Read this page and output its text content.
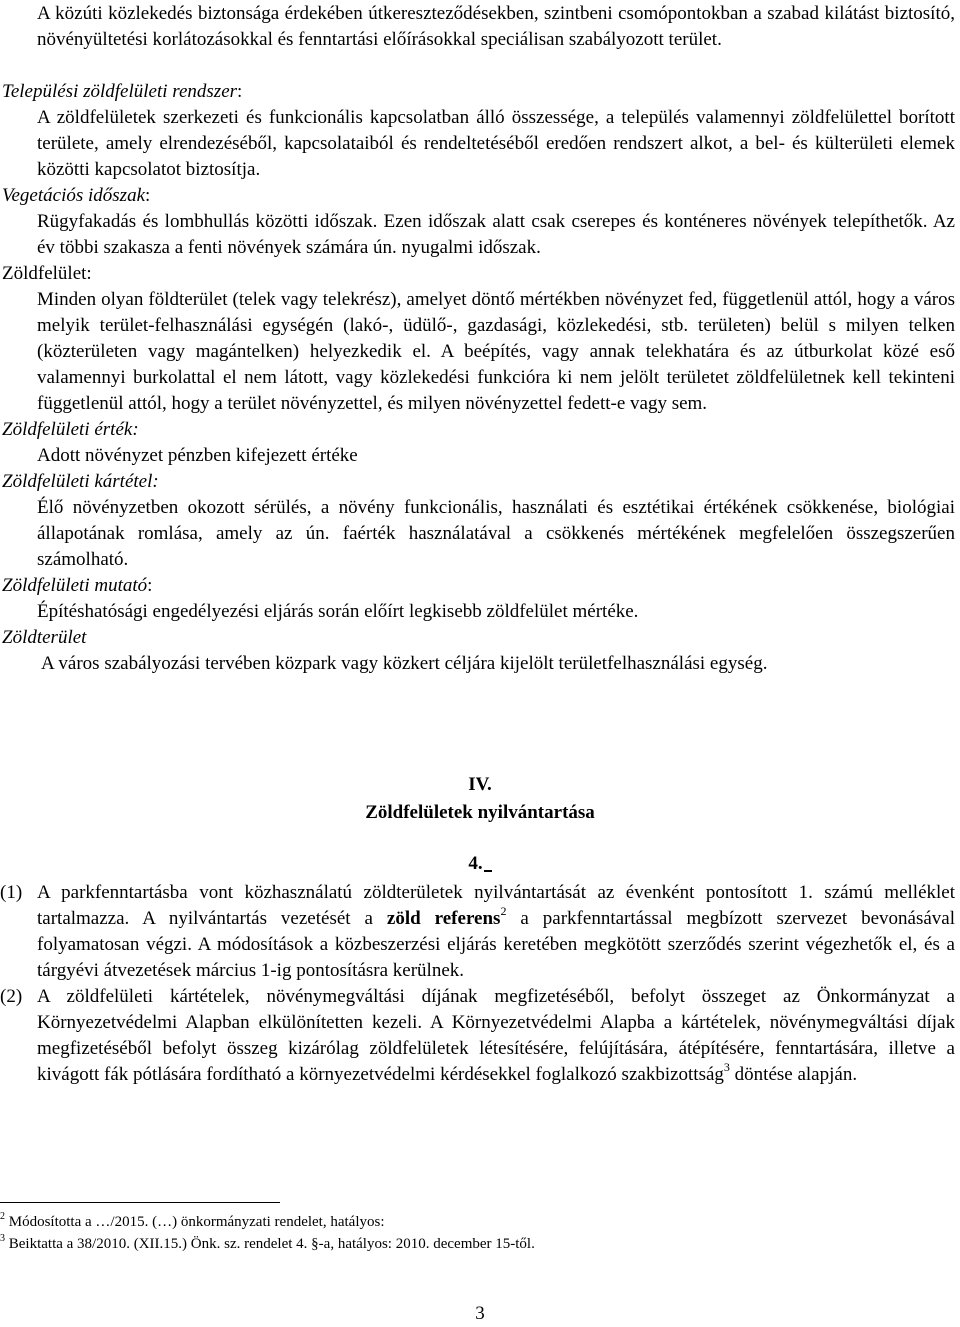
A közúti közlekedés biztonsága érdekében útkereszteződésekben, szintbeni csomópontokban a szabad kilátást biztosító, növényültetési korlátozásokkal és fenntartási előírásokkal speciálisan szabályozott terület.

Települési zöldfelületi rendszer:

A zöldfelületek szerkezeti és funkcionális kapcsolatban álló összessége, a település valamennyi zöldfelülettel borított területe, amely elrendezéséből, kapcsolataiból és rendeltetéséből eredően rendszert alkot, a bel- és külterületi elemek közötti kapcsolatot biztosítja.

Vegetációs időszak:

Rügyfakadás és lombhullás közötti időszak. Ezen időszak alatt csak cserepes és konténeres növények telepíthetők. Az év többi szakasza a fenti növények számára ún. nyugalmi időszak.

Zöldfelület:

Minden olyan földterület (telek vagy telekrész), amelyet döntő mértékben növényzet fed, függetlenül attól, hogy a város melyik terület-felhasználási egységén (lakó-, üdülő-, gazdasági, közlekedési, stb. területen) belül s milyen telken (közterületen vagy magántelken) helyezkedik el. A beépítés, vagy annak telekhatára és az útburkolat közé eső valamennyi burkolattal el nem látott, vagy közlekedési funkcióra ki nem jelölt területet zöldfelületnek kell tekinteni függetlenül attól, hogy a terület növényzettel, és milyen növényzettel fedett-e vagy sem.

Zöldfelületi érték:

Adott növényzet pénzben kifejezett értéke

Zöldfelületi kártétel:

Élő növényzetben okozott sérülés, a növény funkcionális, használati és esztétikai értékének csökkenése, biológiai állapotának romlása, amely az ún. faérték használatával a csökkenés mértékének megfelelően összegszerűen számolható.

Zöldfelületi mutató:

Építéshatósági engedélyezési eljárás során előírt legkisebb zöldfelület mértéke.

Zöldterület

A város szabályozási tervében közpark vagy közkert céljára kijelölt területfelhasználási egység.

IV.

Zöldfelületek nyilvántartása

4.

(1) A parkfenntartásba vont közhasználatú zöldterületek nyilvántartását az évenként pontosított 1. számú melléklet tartalmazza. A nyilvántartás vezetését a zöld referens$^2$ a parkfenntartással megbízott szervezet bevonásával folyamatosan végzi. A módosítások a közbeszerzési eljárás keretében megkötött szerződés szerint végezhetők el, és a tárgyévi átvezetések március 1-ig pontosításra kerülnek.
(2) A zöldfelületi kártételek, növénymegváltási díjának megfizetéséből, befolyt összeget az Önkormányzat a Környezetvédelmi Alapban elkülönítetten kezeli. A Környezetvédelmi Alapba a kártételek, növénymegváltási díjak megfizetéséből befolyt összeg kizárólag zöldfelületek létesítésére, felújítására, átépítésére, fenntartására, illetve a kivágott fák pótlására fordítható a környezetvédelmi kérdésekkel foglalkozó szakbizottság$^3$ döntése alapján.

$^2$ Módosította a …/2015. (…) önkormányzati rendelet, hatályos:

$^3$ Beiktatta a 38/2010. (XII.15.) Önk. sz. rendelet 4. §-a, hatályos: 2010. december 15-től.

3
